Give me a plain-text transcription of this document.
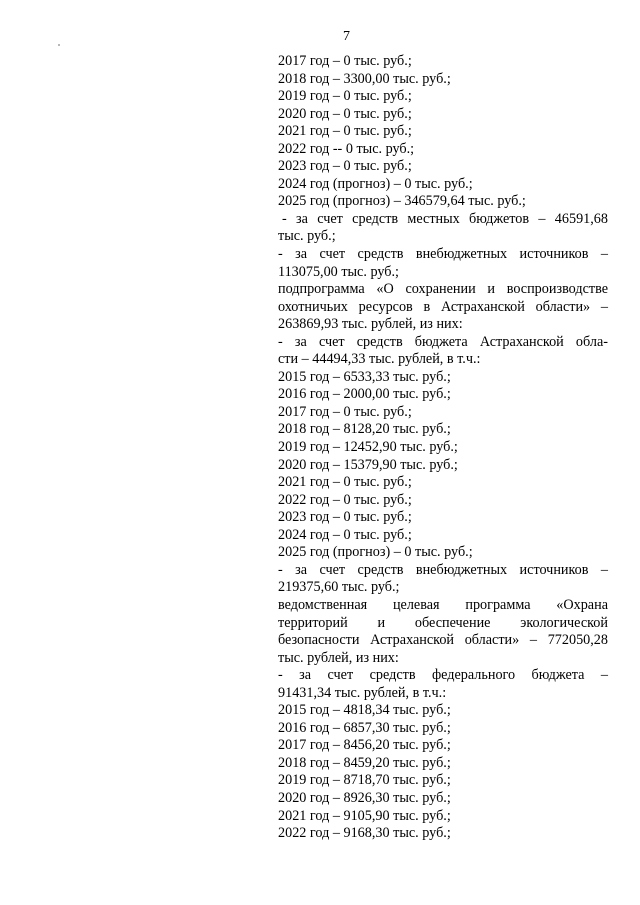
7
2017 год – 0 тыс. руб.;
2018 год – 3300,00 тыс. руб.;
2019 год – 0 тыс. руб.;
2020 год – 0 тыс. руб.;
2021 год – 0 тыс. руб.;
2022 год -- 0 тыс. руб.;
2023 год – 0 тыс. руб.;
2024 год (прогноз) – 0 тыс. руб.;
2025 год (прогноз) – 346579,64 тыс. руб.;
- за счет средств местных бюджетов – 46591,68
тыс. руб.;
- за счет средств внебюджетных источников –
113075,00 тыс. руб.;
подпрограмма «О сохранении и воспроизводстве
охотничьих ресурсов в Астраханской области» –
263869,93 тыс. рублей, из них:
- за счет средств бюджета Астраханской обла-
сти – 44494,33 тыс. рублей, в т.ч.:
2015 год – 6533,33 тыс. руб.;
2016 год – 2000,00 тыс. руб.;
2017 год – 0 тыс. руб.;
2018 год – 8128,20 тыс. руб.;
2019 год – 12452,90 тыс. руб.;
2020 год – 15379,90 тыс. руб.;
2021 год – 0 тыс. руб.;
2022 год – 0 тыс. руб.;
2023 год – 0 тыс. руб.;
2024 год – 0 тыс. руб.;
2025 год (прогноз) – 0 тыс. руб.;
- за счет средств внебюджетных источников –
219375,60 тыс. руб.;
ведомственная целевая программа «Охрана
территорий и обеспечение экологической
безопасности Астраханской области» – 772050,28
тыс. рублей, из них:
- за счет средств федерального бюджета –
91431,34 тыс. рублей, в т.ч.:
2015 год – 4818,34 тыс. руб.;
2016 год – 6857,30 тыс. руб.;
2017 год – 8456,20 тыс. руб.;
2018 год – 8459,20 тыс. руб.;
2019 год – 8718,70 тыс. руб.;
2020 год – 8926,30 тыс. руб.;
2021 год – 9105,90 тыс. руб.;
2022 год – 9168,30 тыс. руб.;
